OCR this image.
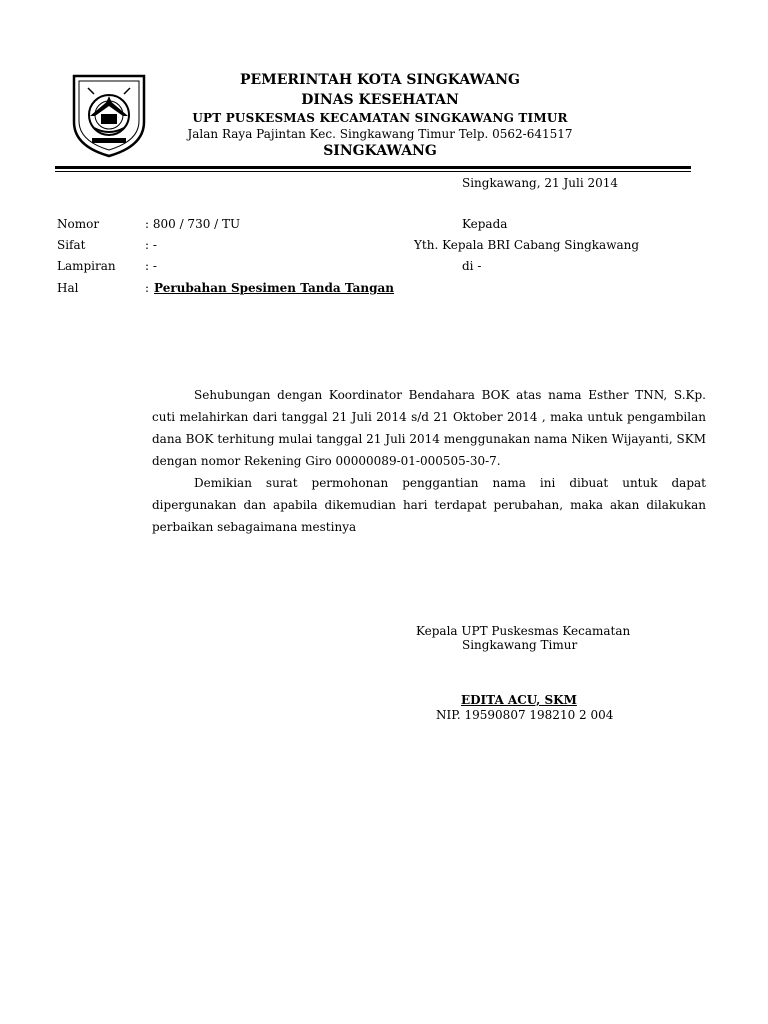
PEMERINTAH KOTA SINGKAWANG
DINAS KESEHATAN
UPT PUSKESMAS KECAMATAN SINGKAWANG TIMUR
Jalan Raya Pajintan Kec. Singkawang Timur Telp. 0562-641517
SINGKAWANG
Singkawang, 21 Juli 2014
Nomor	: 800 / 730 / TU
Sifat	: -
Lampiran : -
Hal	: Perubahan Spesimen Tanda Tangan
Kepada
Yth. Kepala BRI Cabang Singkawang
di -
Sehubungan dengan Koordinator Bendahara BOK atas nama Esther TNN, S.Kp. cuti melahirkan dari tanggal 21 Juli 2014 s/d 21 Oktober 2014 , maka untuk pengambilan dana BOK terhitung mulai tanggal 21 Juli 2014 menggunakan nama Niken Wijayanti, SKM dengan nomor Rekening Giro 00000089-01-000505-30-7.
Demikian surat permohonan penggantian nama ini dibuat untuk dapat dipergunakan dan apabila dikemudian hari terdapat perubahan, maka akan dilakukan perbaikan sebagaimana mestinya
Kepala UPT Puskesmas Kecamatan
Singkawang Timur
EDITA ACU, SKM
NIP. 19590807 198210 2 004
